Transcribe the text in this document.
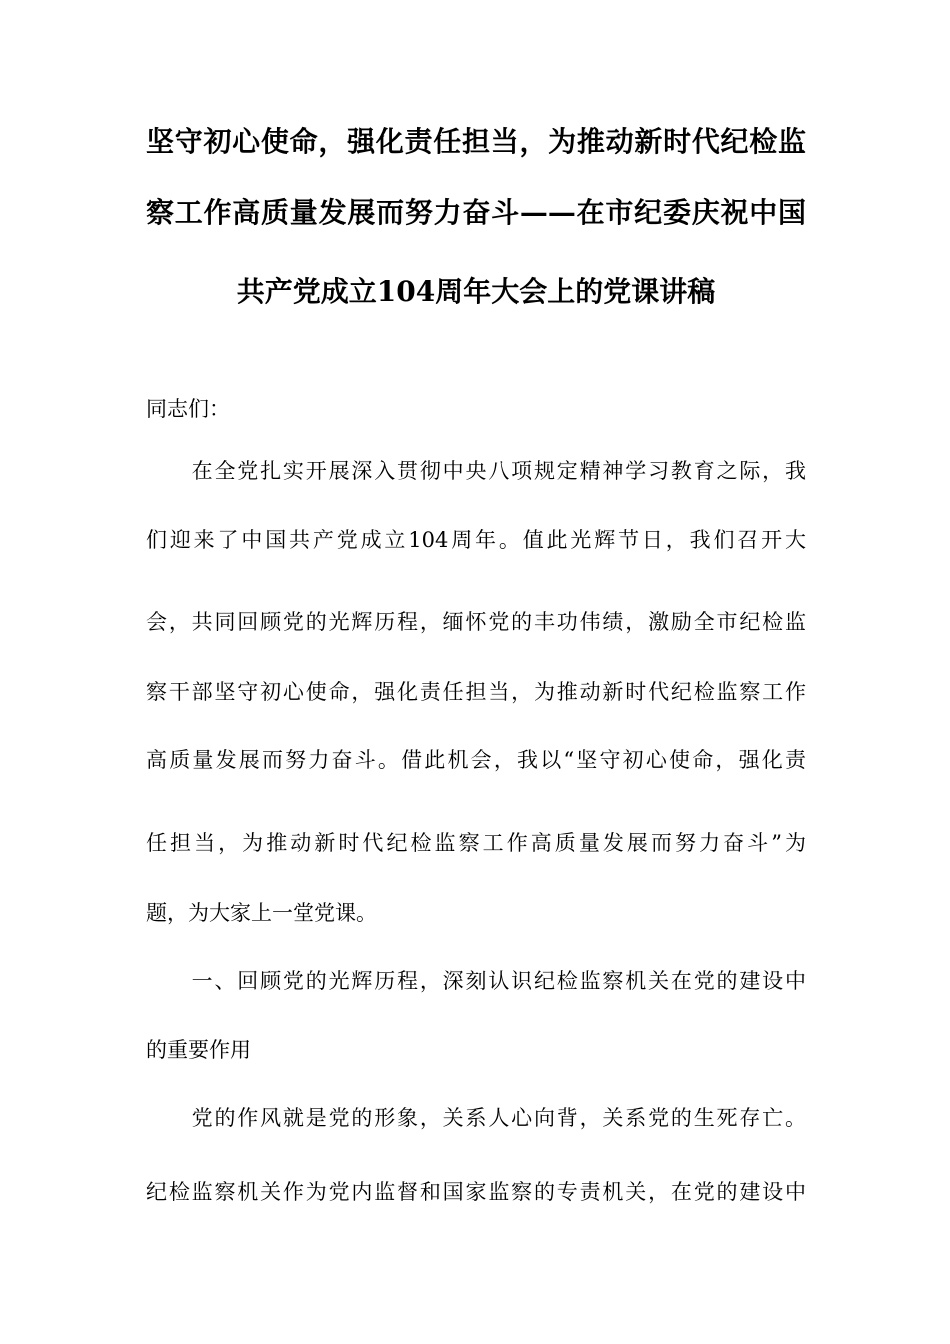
坚守初心使命，强化责任担当，为推动新时代纪检监
察工作高质量发展而努力奋斗——在市纪委庆祝中国
共产党成立104周年大会上的党课讲稿
同志们：
　　在全党扎实开展深入贯彻中央八项规定精神学习教育之际，我
们迎来了中国共产党成立104周年。值此光辉节日，我们召开大
会，共同回顾党的光辉历程，缅怀党的丰功伟绩，激励全市纪检监
察干部坚守初心使命，强化责任担当，为推动新时代纪检监察工作
高质量发展而努力奋斗。借此机会，我以“坚守初心使命，强化责
任担当，为推动新时代纪检监察工作高质量发展而努力奋斗”为
题，为大家上一堂党课。
　　一、回顾党的光辉历程，深刻认识纪检监察机关在党的建设中
的重要作用
　　党的作风就是党的形象，关系人心向背，关系党的生死存亡。
纪检监察机关作为党内监督和国家监察的专责机关，在党的建设中
